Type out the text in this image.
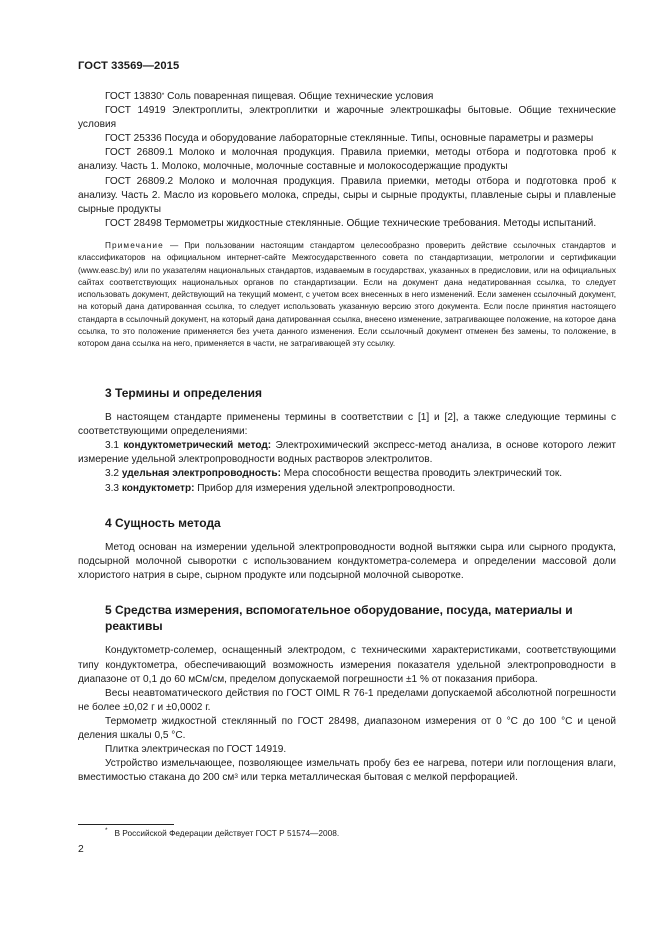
ГОСТ 33569—2015

ГОСТ 13830* Соль поваренная пищевая. Общие технические условия

ГОСТ 14919 Электроплиты, электроплитки и жарочные электрошкафы бытовые. Общие технические условия

ГОСТ 25336 Посуда и оборудование лабораторные стеклянные. Типы, основные параметры и размеры

ГОСТ 26809.1 Молоко и молочная продукция. Правила приемки, методы отбора и подготовка проб к анализу. Часть 1. Молоко, молочные, молочные составные и молокосодержащие продукты

ГОСТ 26809.2 Молоко и молочная продукция. Правила приемки, методы отбора и подготовка проб к анализу. Часть 2. Масло из коровьего молока, спреды, сыры и сырные продукты, плавленые сыры и плавленые сырные продукты

ГОСТ 28498 Термометры жидкостные стеклянные. Общие технические требования. Методы испытаний.

Примечание — При пользовании настоящим стандартом целесообразно проверить действие ссылочных стандартов и классификаторов на официальном интернет-сайте Межгосударственного совета по стандартизации, метрологии и сертификации (www.easc.by) или по указателям национальных стандартов, издаваемым в государствах, указанных в предисловии, или на официальных сайтах соответствующих национальных органов по стандартизации. Если на документ дана недатированная ссылка, то следует использовать документ, действующий на текущий момент, с учетом всех внесенных в него изменений. Если заменен ссылочный документ, на который дана датированная ссылка, то следует использовать указанную версию этого документа. Если после принятия настоящего стандарта в ссылочный документ, на который дана датированная ссылка, внесено изменение, затрагивающее положение, на которое дана ссылка, то это положение применяется без учета данного изменения. Если ссылочный документ отменен без замены, то положение, в котором дана ссылка на него, применяется в части, не затрагивающей эту ссылку.

3 Термины и определения

В настоящем стандарте применены термины в соответствии с [1] и [2], а также следующие термины с соответствующими определениями:

3.1 кондуктометрический метод: Электрохимический экспресс-метод анализа, в основе которого лежит измерение удельной электропроводности водных растворов электролитов.

3.2 удельная электропроводность: Мера способности вещества проводить электрический ток.

3.3 кондуктометр: Прибор для измерения удельной электропроводности.

4 Сущность метода

Метод основан на измерении удельной электропроводности водной вытяжки сыра или сырного продукта, подсырной молочной сыворотки с использованием кондуктометра-солемера и определении массовой доли хлористого натрия в сыре, сырном продукте или подсырной молочной сыворотке.

5 Средства измерения, вспомогательное оборудование, посуда, материалы и реактивы

Кондуктометр-солемер, оснащенный электродом, с техническими характеристиками, соответствующими типу кондуктометра, обеспечивающий возможность измерения показателя удельной электропроводности в диапазоне от 0,1 до 60 мСм/см, пределом допускаемой погрешности ±1 % от показания прибора.

Весы неавтоматического действия по ГОСТ OIML R 76-1 пределами допускаемой абсолютной погрешности не более ±0,02 г и ±0,0002 г.

Термометр жидкостной стеклянный по ГОСТ 28498, диапазоном измерения от 0 °С до 100 °С и ценой деления шкалы 0,5 °С.

Плитка электрическая по ГОСТ 14919.

Устройство измельчающее, позволяющее измельчать пробу без ее нагрева, потери или поглощения влаги, вместимостью стакана до 200 $см^3$ или терка металлическая бытовая с мелкой перфорацией.

* В Российской Федерации действует ГОСТ Р 51574—2008.
2
